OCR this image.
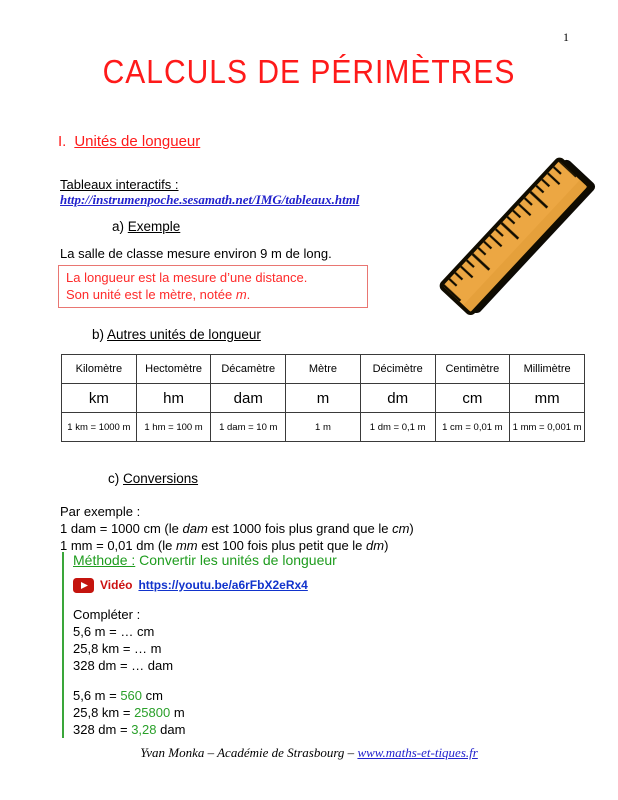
1
CALCULS DE PÉRIMÈTRES
I. Unités de longueur
Tableaux interactifs :
http://instrumenpoche.sesamath.net/IMG/tableaux.html
a) Exemple
La salle de classe mesure environ 9 m de long.
La longueur est la mesure d’une distance.
Son unité est le mètre, notée m.
b) Autres unités de longueur
Kilomètre	Hectomètre	Décamètre	Mètre	Décimètre	Centimètre	Millimètre
km	hm	dam	m	dm	cm	mm
1 km = 1000 m	1 hm = 100 m	1 dam = 10 m	1 m	1 dm = 0,1 m	1 cm = 0,01 m	1 mm = 0,001 m
c) Conversions
Par exemple :
1 dam = 1000 cm (le dam est 1000 fois plus grand que le cm)
1 mm = 0,01 dm (le mm est 100 fois plus petit que le dm)
Méthode : Convertir les unités de longueur
Vidéo https://youtu.be/a6rFbX2eRx4
Compléter :
5,6 m = … cm
25,8 km = … m
328 dm = … dam
5,6 m = 560 cm
25,8 km = 25800 m
328 dm = 3,28 dam
Yvan Monka – Académie de Strasbourg – www.maths-et-tiques.fr
